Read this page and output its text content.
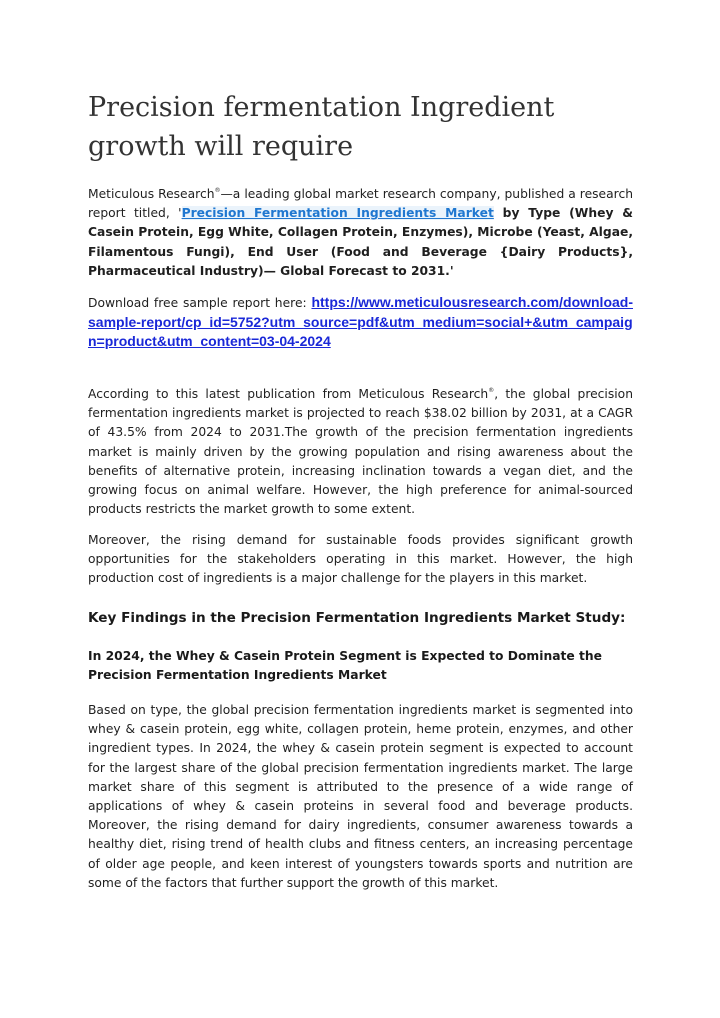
Precision fermentation Ingredient growth will require

Meticulous Research®—a leading global market research company, published a research report titled, 'Precision Fermentation Ingredients Market by Type (Whey & Casein Protein, Egg White, Collagen Protein, Enzymes), Microbe (Yeast, Algae, Filamentous Fungi), End User (Food and Beverage {Dairy Products}, Pharmaceutical Industry)— Global Forecast to 2031.'

Download free sample report here: https://www.meticulousresearch.com/download-sample-report/cp_id=5752?utm_source=pdf&utm_medium=social+&utm_campaign=product&utm_content=03-04-2024

According to this latest publication from Meticulous Research®, the global precision fermentation ingredients market is projected to reach $38.02 billion by 2031, at a CAGR of 43.5% from 2024 to 2031.The growth of the precision fermentation ingredients market is mainly driven by the growing population and rising awareness about the benefits of alternative protein, increasing inclination towards a vegan diet, and the growing focus on animal welfare. However, the high preference for animal-sourced products restricts the market growth to some extent.

Moreover, the rising demand for sustainable foods provides significant growth opportunities for the stakeholders operating in this market. However, the high production cost of ingredients is a major challenge for the players in this market.

Key Findings in the Precision Fermentation Ingredients Market Study:
In 2024, the Whey & Casein Protein Segment is Expected to Dominate the Precision Fermentation Ingredients Market

Based on type, the global precision fermentation ingredients market is segmented into whey & casein protein, egg white, collagen protein, heme protein, enzymes, and other ingredient types. In 2024, the whey & casein protein segment is expected to account for the largest share of the global precision fermentation ingredients market. The large market share of this segment is attributed to the presence of a wide range of applications of whey & casein proteins in several food and beverage products. Moreover, the rising demand for dairy ingredients, consumer awareness towards a healthy diet, rising trend of health clubs and fitness centers, an increasing percentage of older age people, and keen interest of youngsters towards sports and nutrition are some of the factors that further support the growth of this market.
